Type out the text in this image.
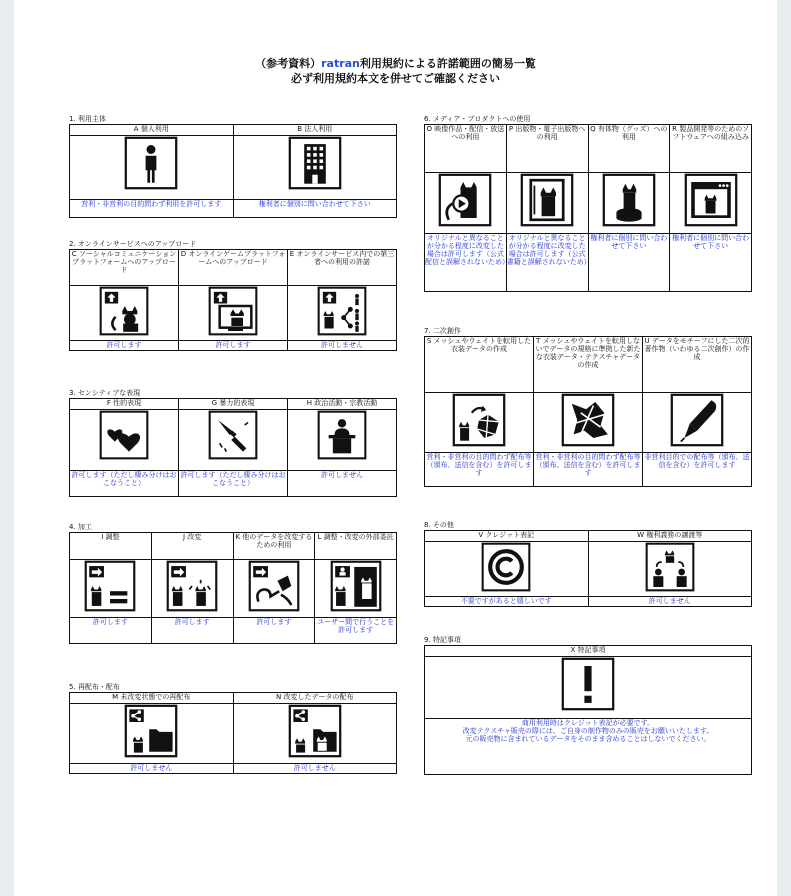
（参考資料）ratran利用規約による許諾範囲の簡易一覧
必ず利用規約本文を併せてご確認ください
1. 利用主体
A 個人利用	B 法人利用

営利・非営利の目的問わず利用を許可します	権利者に個別に問い合わせて下さい
2. オンラインサービスへのアップロード
C ソーシャルコミュニケーションプラットフォームへのアップロード	D オンラインゲームプラットフォームへのアップロード	E オンラインサービス内での第三者への利用の許諾

許可します	許可します	許可しません
3. センシティブな表現
F 性的表現	G 暴力的表現	H 政治活動・宗教活動

許可します（ただし棲み分けはおこなうこと）	許可します（ただし棲み分けはおこなうこと）	許可しません
4. 加工
I 調整	J 改変	K 他のデータを改変するための利用	L 調整・改変の外部委託

許可します	許可します	許可します	ユーザー間で行うことを許可します
5. 再配布・配布
M 未改変状態での再配布	N 改変したデータの配布

許可しません	許可しません
6. メディア・プロダクトへの使用
O 映像作品・配信・放送への利用	P 出版物・電子出版物への利用	Q 有体物（グッズ）への利用	R 製品開発等のためのソフトウェアへの組み込み

オリジナルと異なることが分かる程度に改変した場合は許可します（公式配信と誤解されないため）	オリジナルと異なることが分かる程度に改変した場合は許可します（公式書籍と誤解されないため）	権利者に個別に問い合わせて下さい	権利者に個別に問い合わせて下さい
7. 二次創作
S メッシュやウェイトを転用した衣装データの作成	T メッシュやウェイトを転用しないでデータの規格に準拠した新たな衣装データ・テクスチャデータの作成	U データをモチーフにした二次的著作物（いわゆる二次創作）の作成

営利・非営利の目的問わず配布等（頒布、送信を含む）を許可します	営利・非営利の目的問わず配布等（頒布、送信を含む）を許可します	非営利目的での配布等（頒布、送信を含む）を許可します
8. その他
V クレジット表記	W 権利義務の譲渡等

不要ですがあると嬉しいです	許可しません
9. 特記事項
X 特記事項

商用利用時はクレジット表記が必要です。
改変テクスチャ販売の際には、ご自身の制作物のみの販売をお願いいたします。
元の販売物に含まれているデータをそのまま含めることはしないでください。
